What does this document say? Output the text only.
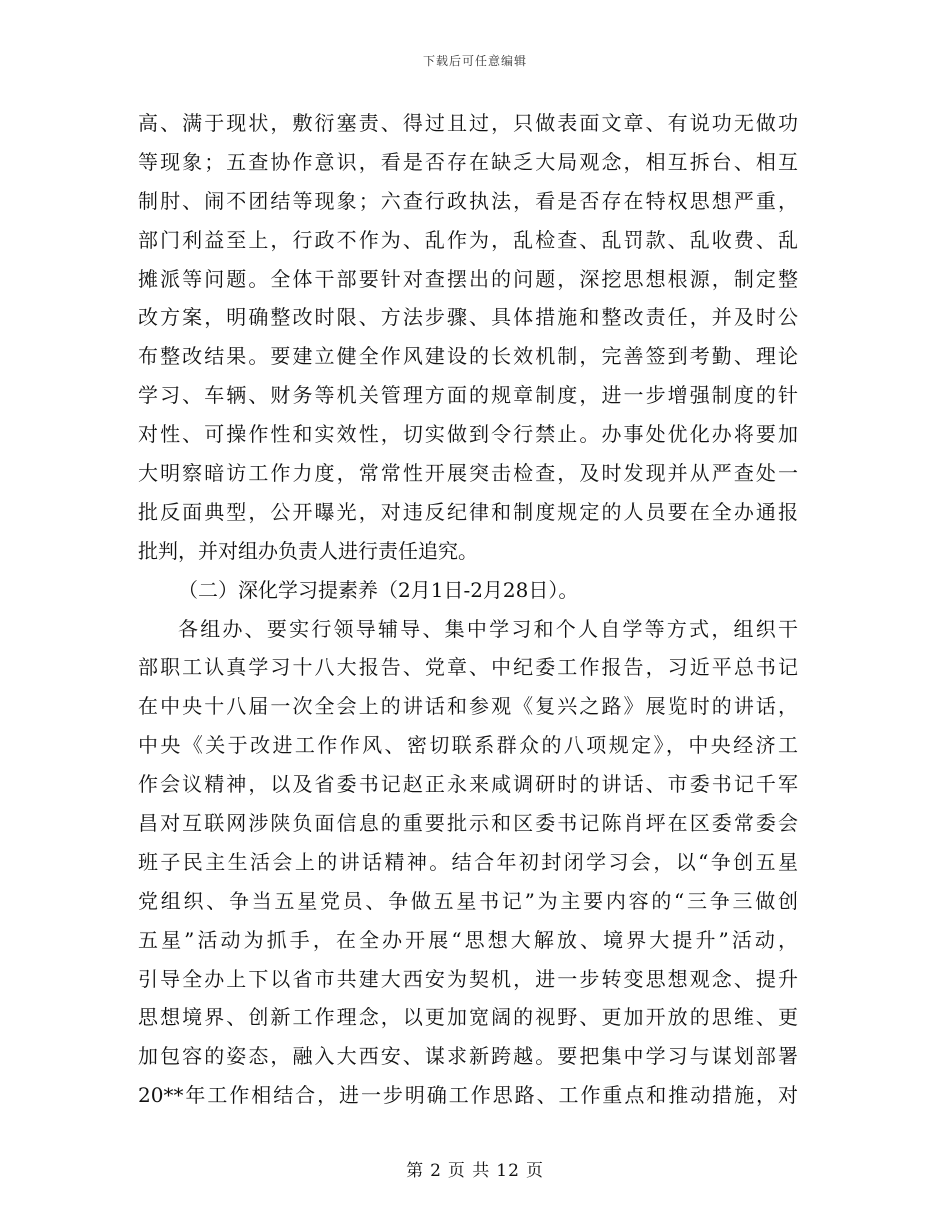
下载后可任意编辑
高、满于现状，敷衍塞责、得过且过，只做表面文章、有说功无做功
等现象；五查协作意识，看是否存在缺乏大局观念，相互拆台、相互
制肘、闹不团结等现象；六查行政执法，看是否存在特权思想严重，
部门利益至上，行政不作为、乱作为，乱检查、乱罚款、乱收费、乱
摊派等问题。全体干部要针对查摆出的问题，深挖思想根源，制定整
改方案，明确整改时限、方法步骤、具体措施和整改责任，并及时公
布整改结果。要建立健全作风建设的长效机制，完善签到考勤、理论
学习、车辆、财务等机关管理方面的规章制度，进一步增强制度的针
对性、可操作性和实效性，切实做到令行禁止。办事处优化办将要加
大明察暗访工作力度，常常性开展突击检查，及时发现并从严查处一
批反面典型，公开曝光，对违反纪律和制度规定的人员要在全办通报
批判，并对组办负责人进行责任追究。
（二）深化学习提素养（2月1日-2月28日）。
各组办、要实行领导辅导、集中学习和个人自学等方式，组织干
部职工认真学习十八大报告、党章、中纪委工作报告，习近平总书记
在中央十八届一次全会上的讲话和参观《复兴之路》展览时的讲话，
中央《关于改进工作作风、密切联系群众的八项规定》，中央经济工
作会议精神，以及省委书记赵正永来咸调研时的讲话、市委书记千军
昌对互联网涉陕负面信息的重要批示和区委书记陈肖坪在区委常委会
班子民主生活会上的讲话精神。结合年初封闭学习会，以“争创五星
党组织、争当五星党员、争做五星书记”为主要内容的“三争三做创
五星”活动为抓手，在全办开展“思想大解放、境界大提升”活动，
引导全办上下以省市共建大西安为契机，进一步转变思想观念、提升
思想境界、创新工作理念，以更加宽阔的视野、更加开放的思维、更
加包容的姿态，融入大西安、谋求新跨越。要把集中学习与谋划部署
20**年工作相结合，进一步明确工作思路、工作重点和推动措施，对
第 2 页 共 12 页
